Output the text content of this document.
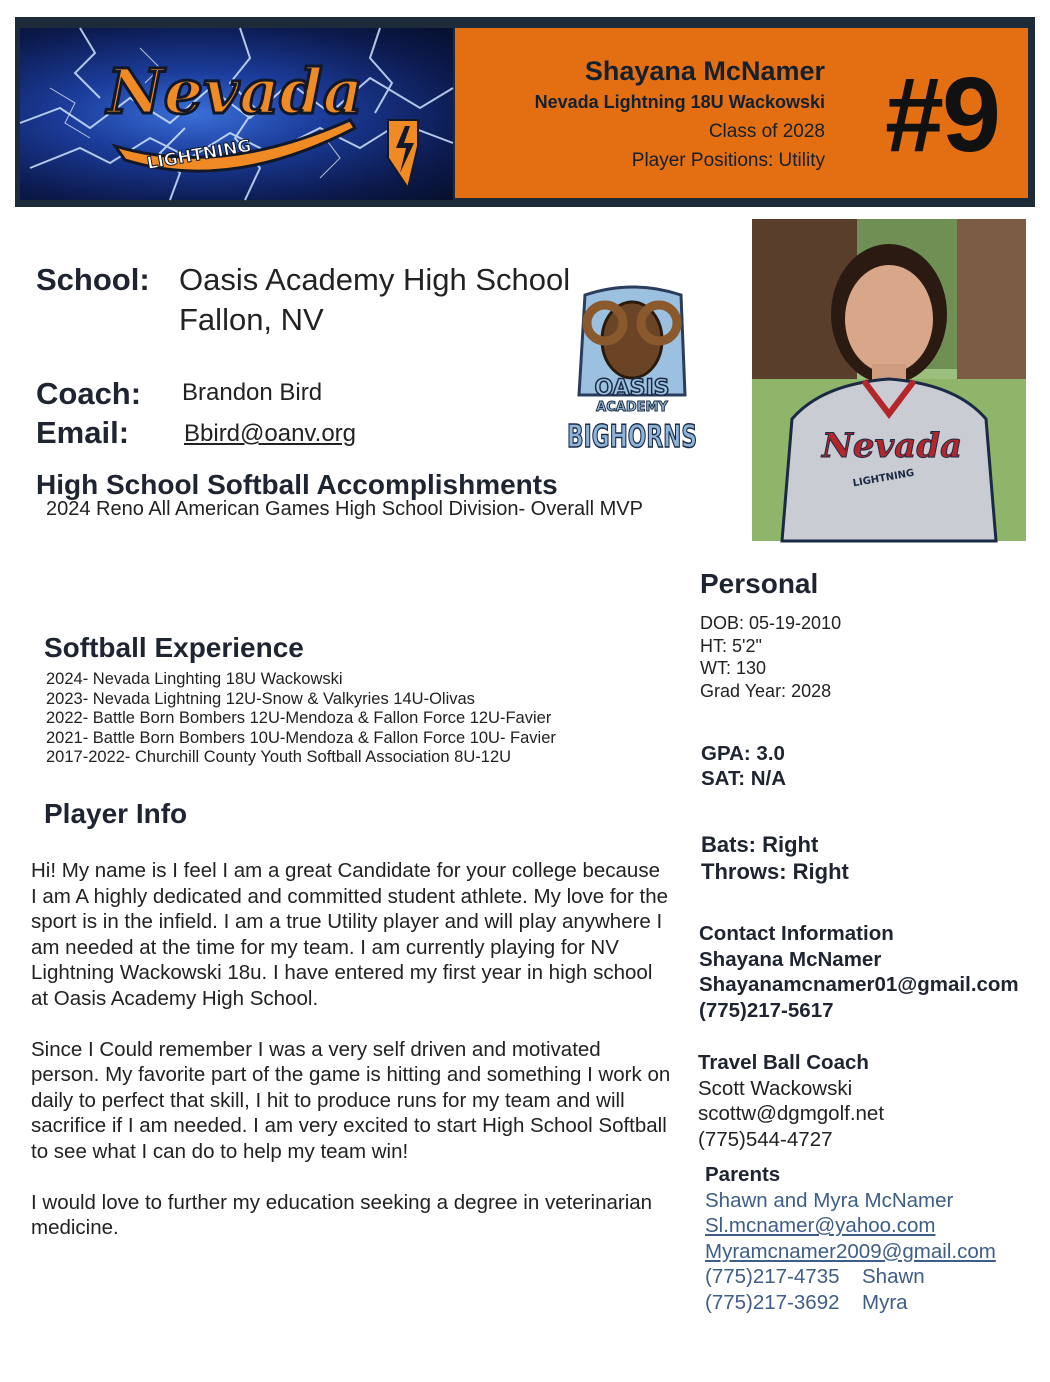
Nevada
LIGHTNING
Shayana McNamer
Nevada Lightning 18U Wackowski
Class of 2028
Player Positions: Utility #9
School: Oasis Academy High School
Fallon, NV
Coach: Brandon Bird
Email: Bbird@oanv.org
OASIS
ACADEMY
BIGHORNS
High School Softball Accomplishments
2024 Reno All American Games High School Division- Overall MVP
Softball Experience
2024- Nevada Linghting 18U Wackowski
2023- Nevada Lightning 12U-Snow & Valkyries 14U-Olivas
2022- Battle Born Bombers 12U-Mendoza & Fallon Force 12U-Favier
2021- Battle Born Bombers 10U-Mendoza & Fallon Force 10U- Favier
2017-2022- Churchill County Youth Softball Association 8U-12U
Player Info

Hi! My name is I feel I am a great Candidate for your college because I am A highly dedicated and committed student athlete. My love for the sport is in the infield. I am a true Utility player and will play anywhere I am needed at the time for my team. I am currently playing for NV Lightning Wackowski 18u. I have entered my first year in high school at Oasis Academy High School.

Since I Could remember I was a very self driven and motivated person. My favorite part of the game is hitting and something I work on daily to perfect that skill, I hit to produce runs for my team and will sacrifice if I am needed. I am very excited to start High School Softball to see what I can do to help my team win!

I would love to further my education seeking a degree in veterinarian medicine.

Nevada
LIGHTNING
Personal
DOB: 05-19-2010
HT: 5'2"
WT: 130
Grad Year: 2028
GPA: 3.0
SAT: N/A
Bats: Right
Throws: Right
Contact Information
Shayana McNamer
Shayanamcnamer01@gmail.com
(775)217-5617
Travel Ball Coach
Scott Wackowski
scottw@dgmgolf.net
(775)544-4727
Parents
Shawn and Myra McNamer
Sl.mcnamer@yahoo.com
Myramcnamer2009@gmail.com
(775)217-4735 Shawn
(775)217-3692 Myra
